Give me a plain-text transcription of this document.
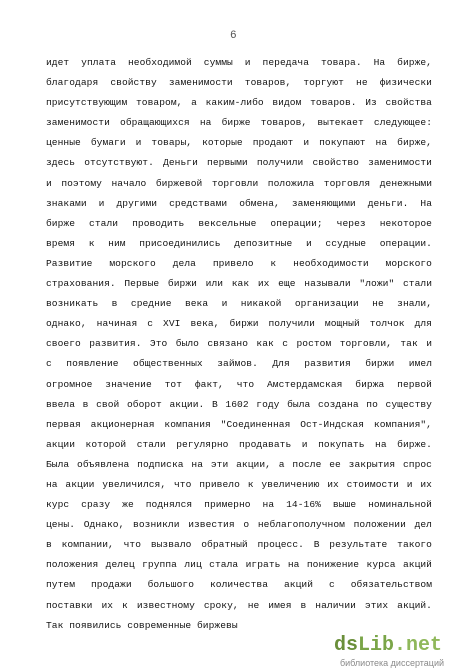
6
идет уплата необходимой суммы и передача товара. На бирже,
благодаря свойству заменимости товаров, торгуют не физически
присутствующим товаром, а каким-либо видом товаров. Из свойства
заменимости обращающихся на бирже товаров, вытекает следующее:
ценные бумаги и товары, которые продают и покупают на бирже,
здесь отсутствуют. Деньги первыми получили свойство заменимости
и поэтому начало биржевой торговли положила торговля денежными
знаками и другими средствами обмена, заменяющими деньги. На
бирже стали проводить вексельные операции; через некоторое
время к ним присоединились депозитные и ссудные операции.
Развитие морского дела привело к необходимости морского
страхования. Первые биржи или как их еще называли "ложи" стали
возникать в средние века и никакой организации не знали,
однако, начиная с XVI века, биржи получили мощный толчок для
своего развития. Это было связано как с ростом торговли, так и
с появление общественных займов. Для развития биржи имел
огромное значение тот факт, что Амстердамская биржа первой
ввела в свой оборот акции. В 1602 году была создана по существу
первая акционерная компания "Соединенная Ост-Индская компания",
акции которой стали регулярно продавать и покупать на бирже.
Была объявлена подписка на эти акции, а после ее закрытия спрос
на акции увеличился, что привело к увеличению их стоимости и их
курс сразу же поднялся примерно на 14-16% выше номинальной
цены. Однако, возникли известия о неблагополучном положении дел
в компании, что вызвало обратный процесс. В результате такого
положения делец группа лиц стала играть на понижение курса акций
путем продажи большого количества акций с обязательством
поставки их к известному сроку, не имея в наличии этих акций.
Так появились современные биржевы
ds Lib .net
библиотека диссертаций
